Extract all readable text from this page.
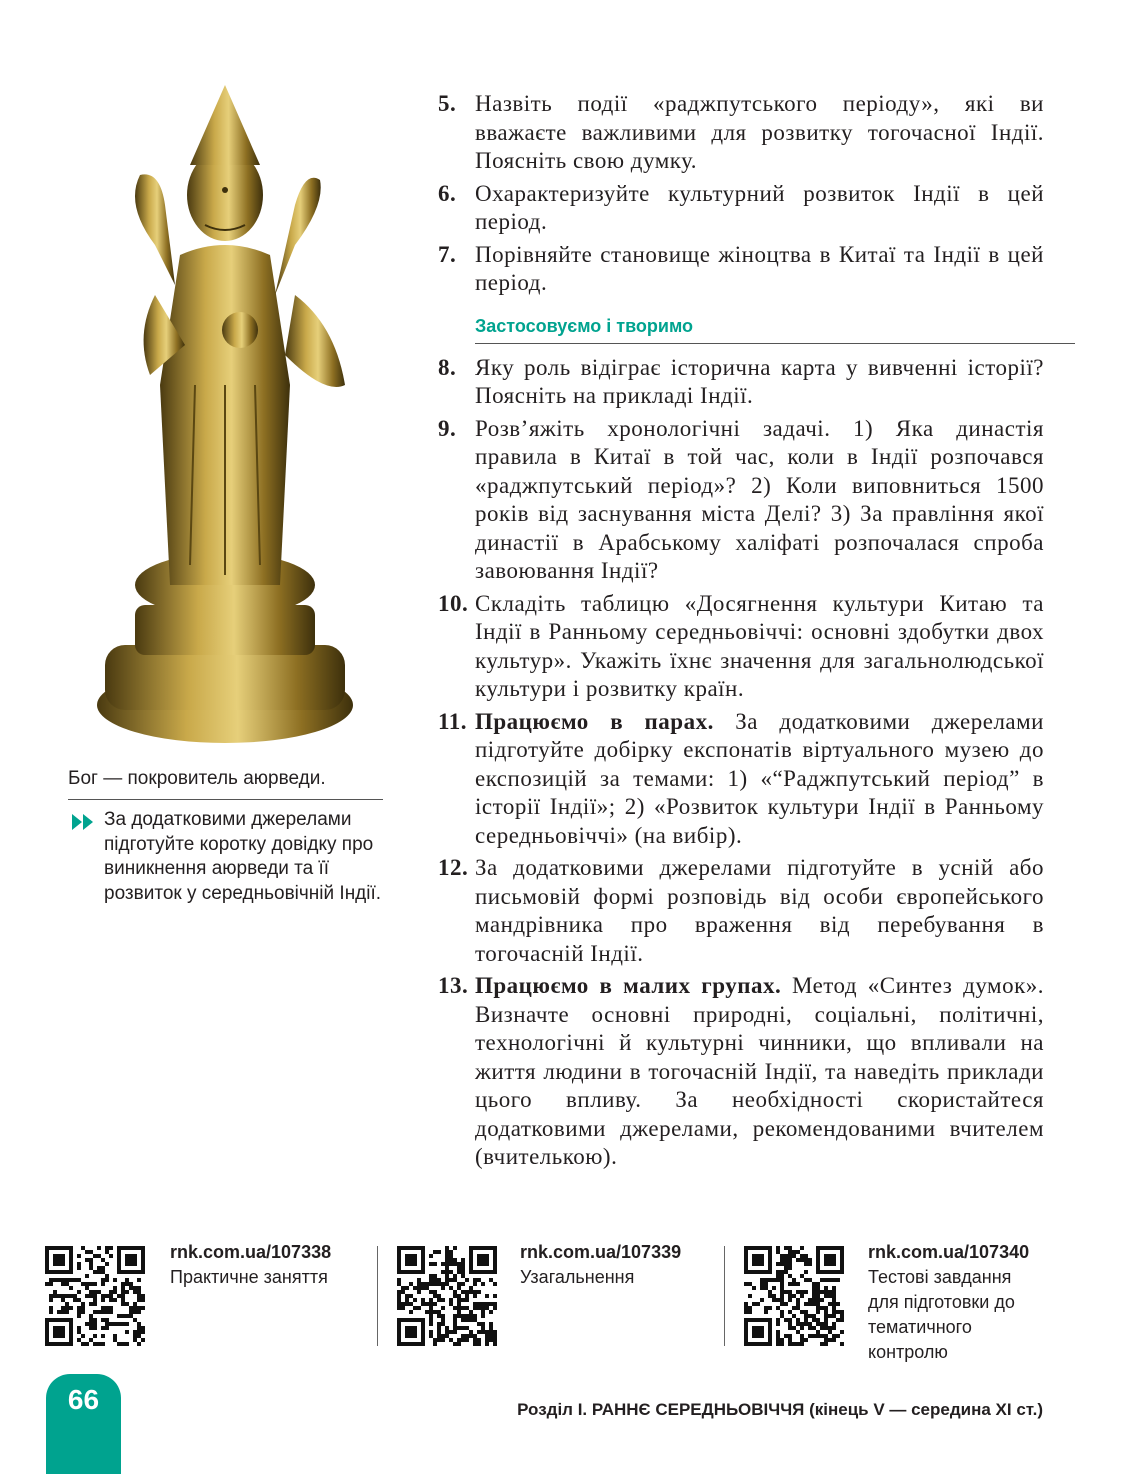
Бог — покровитель аюрведи.
За додатковими джерелами підготуйте коротку довідку про виникнення аюрведи та її розвиток у середньовічній Індії.
5. Назвіть події «раджпутського періоду», які ви вважаєте важливими для розвитку тогочасної Індії. Поясніть свою думку.
6. Охарактеризуйте культурний розвиток Індії в цей період.
7. Порівняйте становище жіноцтва в Китаї та Індії в цей період.
Застосовуємо і творимо
8. Яку роль відіграє історична карта у вивченні історії? Поясніть на прикладі Індії.
9. Розв’яжіть хронологічні задачі. 1) Яка династія правила в Китаї в той час, коли в Індії розпочався «раджпутський період»? 2) Коли виповниться 1500 років від заснування міста Делі? 3) За правління якої династії в Арабському халіфаті розпочалася спроба завоювання Індії?
10. Складіть таблицю «Досягнення культури Китаю та Індії в Ранньому середньовіччі: основні здобутки двох культур». Укажіть їхнє значення для загальнолюдської культури і розвитку країн.
11. Працюємо в парах. За додатковими джерелами підготуйте добірку експонатів віртуального музею до експозицій за темами: 1) «“Раджпутський період” в історії Індії»; 2) «Розвиток культури Індії в Ранньому середньовіччі» (на вибір).
12. За додатковими джерелами підготуйте в усній або письмовій формі розповідь від особи європейського мандрівника про враження від перебування в тогочасній Індії.
13. Працюємо в малих групах. Метод «Синтез думок». Визначте основні природні, соціальні, політичні, технологічні й культурні чинники, що впливали на життя людини в тогочасній Індії, та наведіть приклади цього впливу. За необхідності скористайтеся додатковими джерелами, рекомендованими вчителем (вчителькою).
rnk.com.ua/107338
Практичне заняття
rnk.com.ua/107339
Узагальнення
rnk.com.ua/107340
Тестові завдання для підготовки до тематичного контролю
66	Розділ І. РАННЄ СЕРЕДНЬОВІЧЧЯ (кінець V — середина XI ст.)
